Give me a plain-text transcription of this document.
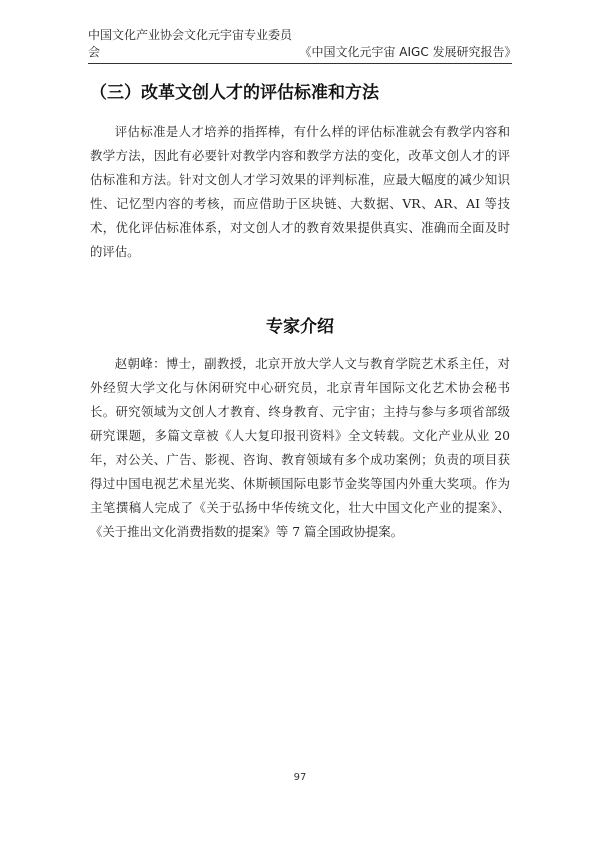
中国文化产业协会文化元宇宙专业委员会	《中国文化元宇宙 AIGC 发展研究报告》
（三）改革文创人才的评估标准和方法

评估标准是人才培养的指挥棒，有什么样的评估标准就会有教学内容和教学方法，因此有必要针对教学内容和教学方法的变化，改革文创人才的评估标准和方法。针对文创人才学习效果的评判标准，应最大幅度的减少知识性、记忆型内容的考核，而应借助于区块链、大数据、VR、AR、AI 等技术，优化评估标准体系，对文创人才的教育效果提供真实、准确而全面及时的评估。

专家介绍

赵朝峰：博士，副教授，北京开放大学人文与教育学院艺术系主任，对外经贸大学文化与休闲研究中心研究员，北京青年国际文化艺术协会秘书长。研究领域为文创人才教育、终身教育、元宇宙；主持与参与多项省部级研究课题，多篇文章被《人大复印报刊资料》全文转载。文化产业从业 20 年，对公关、广告、影视、咨询、教育领域有多个成功案例；负责的项目获得过中国电视艺术星光奖、休斯顿国际电影节金奖等国内外重大奖项。作为主笔撰稿人完成了《关于弘扬中华传统文化，壮大中国文化产业的提案》、《关于推出文化消费指数的提案》等 7 篇全国政协提案。

97
